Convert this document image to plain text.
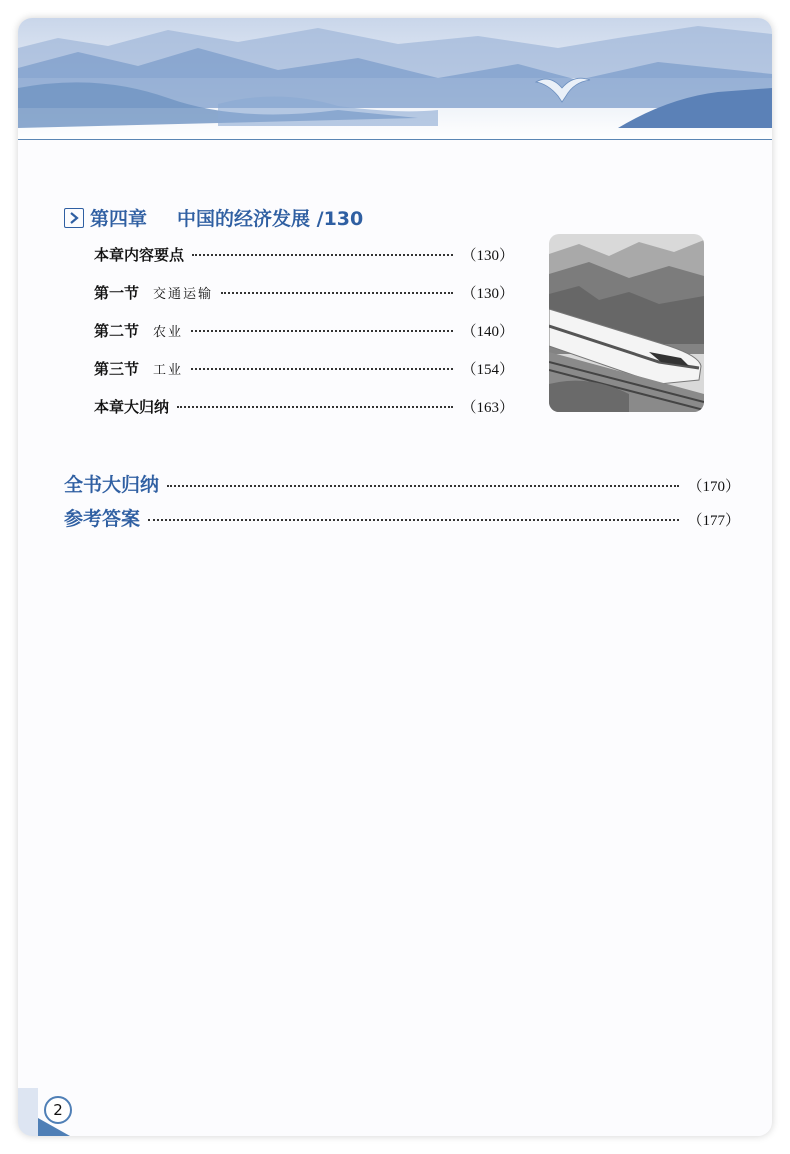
第四章 中国的经济发展 /130
本章内容要点	（130）
第一节 交通运输	（130）
第二节 农业	（140）
第三节 工业	（154）
本章大归纳	（163）
全书大归纳	（170）
参考答案	（177）
2
